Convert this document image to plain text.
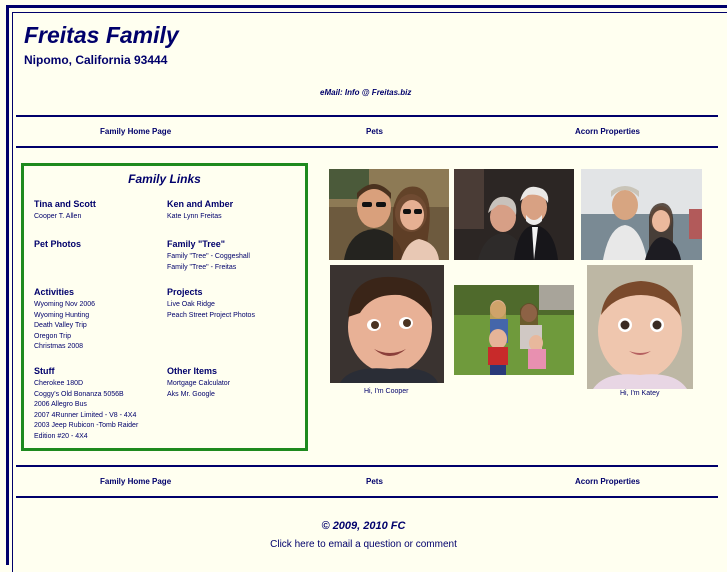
Freitas Family
Nipomo, California 93444
eMail: Info @ Freitas.biz
Family Home Page	Pets	Acorn Properties
Family Links
Tina and Scott
Cooper T. Allen
Ken and Amber
Kate Lynn Freitas
Pet Photos	Family "Tree"
Family "Tree" - Coggeshall
Family "Tree" - Freitas
Activities
Wyoming Nov 2006
Wyoming Hunting
Death Valley Trip
Oregon Trip
Christmas 2008
Projects
Live Oak Ridge
Peach Street Project Photos
Stuff
Cherokee 180D
Coggy's Old Bonanza 5056B
2006 Allegro Bus
2007 4Runner Limited - V8 - 4X4
2003 Jeep Rubicon -Tomb Raider
Edition #20 - 4X4
Other Items
Mortgage Calculator
Aks Mr. Google	Hi, I'm Cooper	Hi, I'm Katey
Family Home Page	Pets	Acorn Properties
© 2009, 2010 FC
Click here to email a question or comment
